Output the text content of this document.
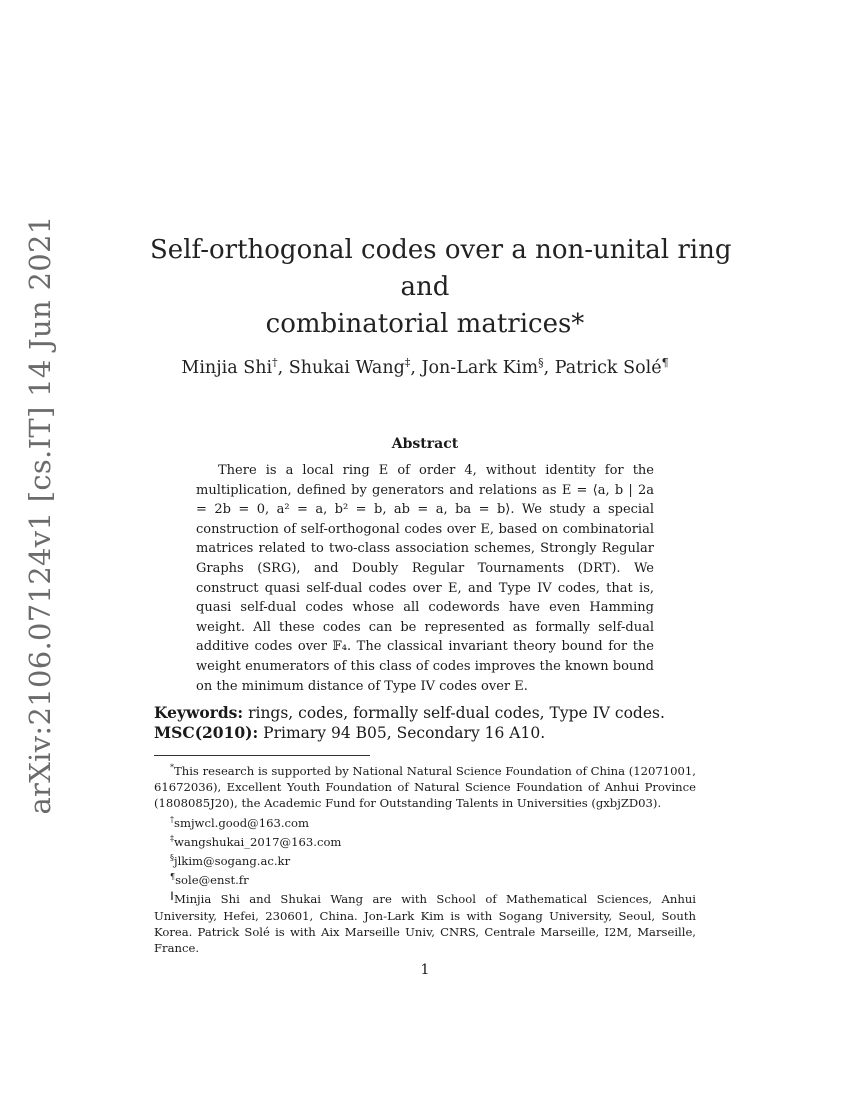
arXiv:2106.07124v1 [cs.IT] 14 Jun 2021	Self-orthogonal codes over a non-unital ring
and
combinatorial matrices*
Minjia Shi†, Shukai Wang‡, Jon-Lark Kim§, Patrick Solé¶
Abstract

There is a local ring E of order 4, without identity for the multiplication, defined by generators and relations as E = ⟨a, b | 2a = 2b = 0, a² = a, b² = b, ab = a, ba = b⟩. We study a special construction of self-orthogonal codes over E, based on combinatorial matrices related to two-class association schemes, Strongly Regular Graphs (SRG), and Doubly Regular Tournaments (DRT). We construct quasi self-dual codes over E, and Type IV codes, that is, quasi self-dual codes whose all codewords have even Hamming weight. All these codes can be represented as formally self-dual additive codes over 𝔽₄. The classical invariant theory bound for the weight enumerators of this class of codes improves the known bound on the minimum distance of Type IV codes over E.

Keywords: rings, codes, formally self-dual codes, Type IV codes.
MSC(2010): Primary 94 B05, Secondary 16 A10.

*This research is supported by National Natural Science Foundation of China (12071001, 61672036), Excellent Youth Foundation of Natural Science Foundation of Anhui Province (1808085J20), the Academic Fund for Outstanding Talents in Universities (gxbjZD03).

†smjwcl.good@163.com

‡wangshukai_2017@163.com

§jlkim@sogang.ac.kr

¶sole@enst.fr

‖Minjia Shi and Shukai Wang are with School of Mathematical Sciences, Anhui University, Hefei, 230601, China. Jon-Lark Kim is with Sogang University, Seoul, South Korea. Patrick Solé is with Aix Marseille Univ, CNRS, Centrale Marseille, I2M, Marseille, France.

1
